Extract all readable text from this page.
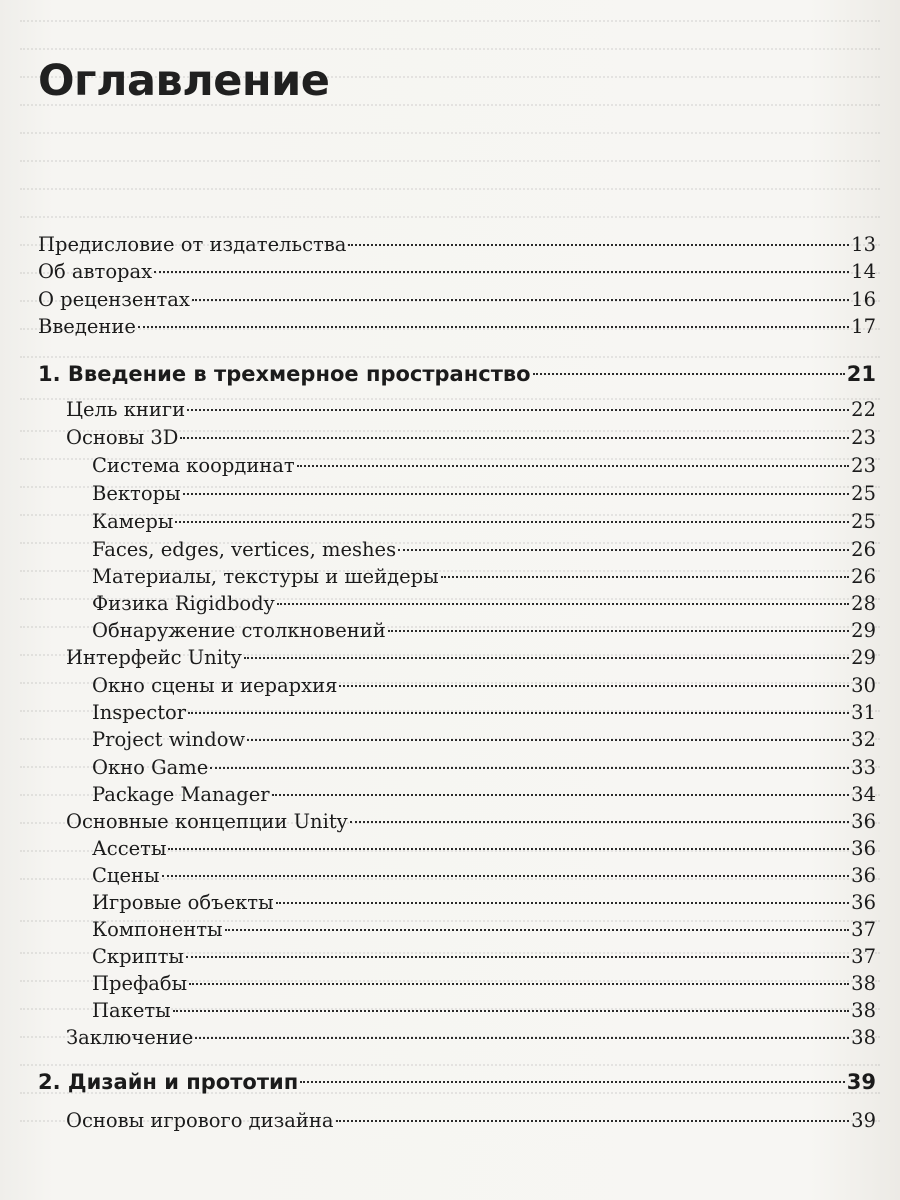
Оглавление
Предисловие от издательства	13
Об авторах	14
О рецензентах	16
Введение	17
1. Введение в трехмерное пространство	21
Цель книги	22
Основы 3D	23
Система координат	23
Векторы	25
Камеры	25
Faces, edges, vertices, meshes	26
Материалы, текстуры и шейдеры	26
Физика Rigidbody	28
Обнаружение столкновений	29
Интерфейс Unity	29
Окно сцены и иерархия	30
Inspector	31
Project window	32
Окно Game	33
Package Manager	34
Основные концепции Unity	36
Ассеты	36
Сцены	36
Игровые объекты	36
Компоненты	37
Скрипты	37
Префабы	38
Пакеты	38
Заключение	38
2. Дизайн и прототип	39
Основы игрового дизайна	39
